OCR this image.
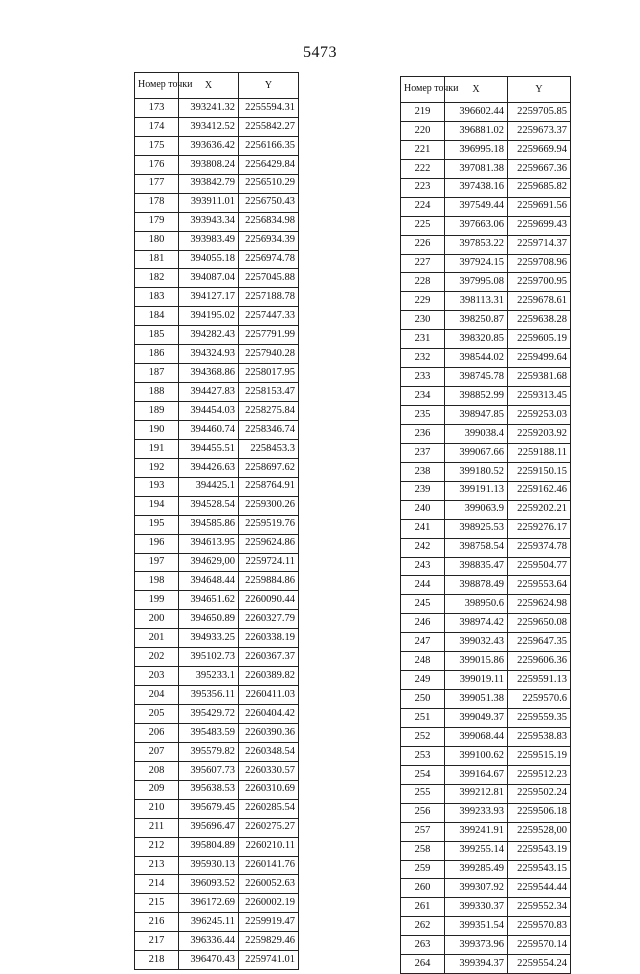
5473
Номер точки	X	Y
173	393241.32	2255594.31
174	393412.52	2255842.27
175	393636.42	2256166.35
176	393808.24	2256429.84
177	393842.79	2256510.29
178	393911.01	2256750.43
179	393943.34	2256834.98
180	393983.49	2256934.39
181	394055.18	2256974.78
182	394087.04	2257045.88
183	394127.17	2257188.78
184	394195.02	2257447.33
185	394282.43	2257791.99
186	394324.93	2257940.28
187	394368.86	2258017.95
188	394427.83	2258153.47
189	394454.03	2258275.84
190	394460.74	2258346.74
191	394455.51	2258453.3
192	394426.63	2258697.62
193	394425.1	2258764.91
194	394528.54	2259300.26
195	394585.86	2259519.76
196	394613.95	2259624.86
197	394629,00	2259724.11
198	394648.44	2259884.86
199	394651.62	2260090.44
200	394650.89	2260327.79
201	394933.25	2260338.19
202	395102.73	2260367.37
203	395233.1	2260389.82
204	395356.11	2260411.03
205	395429.72	2260404.42
206	395483.59	2260390.36
207	395579.82	2260348.54
208	395607.73	2260330.57
209	395638.53	2260310.69
210	395679.45	2260285.54
211	395696.47	2260275.27
212	395804.89	2260210.11
213	395930.13	2260141.76
214	396093.52	2260052.63
215	396172.69	2260002.19
216	396245.11	2259919.47
217	396336.44	2259829.46
218	396470.43	2259741.01
Номер точки	X	Y
219	396602.44	2259705.85
220	396881.02	2259673.37
221	396995.18	2259669.94
222	397081.38	2259667.36
223	397438.16	2259685.82
224	397549.44	2259691.56
225	397663.06	2259699.43
226	397853.22	2259714.37
227	397924.15	2259708.96
228	397995.08	2259700.95
229	398113.31	2259678.61
230	398250.87	2259638.28
231	398320.85	2259605.19
232	398544.02	2259499.64
233	398745.78	2259381.68
234	398852.99	2259313.45
235	398947.85	2259253.03
236	399038.4	2259203.92
237	399067.66	2259188.11
238	399180.52	2259150.15
239	399191.13	2259162.46
240	399063.9	2259202.21
241	398925.53	2259276.17
242	398758.54	2259374.78
243	398835.47	2259504.77
244	398878.49	2259553.64
245	398950.6	2259624.98
246	398974.42	2259650.08
247	399032.43	2259647.35
248	399015.86	2259606.36
249	399019.11	2259591.13
250	399051.38	2259570.6
251	399049.37	2259559.35
252	399068.44	2259538.83
253	399100.62	2259515.19
254	399164.67	2259512.23
255	399212.81	2259502.24
256	399233.93	2259506.18
257	399241.91	2259528,00
258	399255.14	2259543.19
259	399285.49	2259543.15
260	399307.92	2259544.44
261	399330.37	2259552.34
262	399351.54	2259570.83
263	399373.96	2259570.14
264	399394.37	2259554.24
